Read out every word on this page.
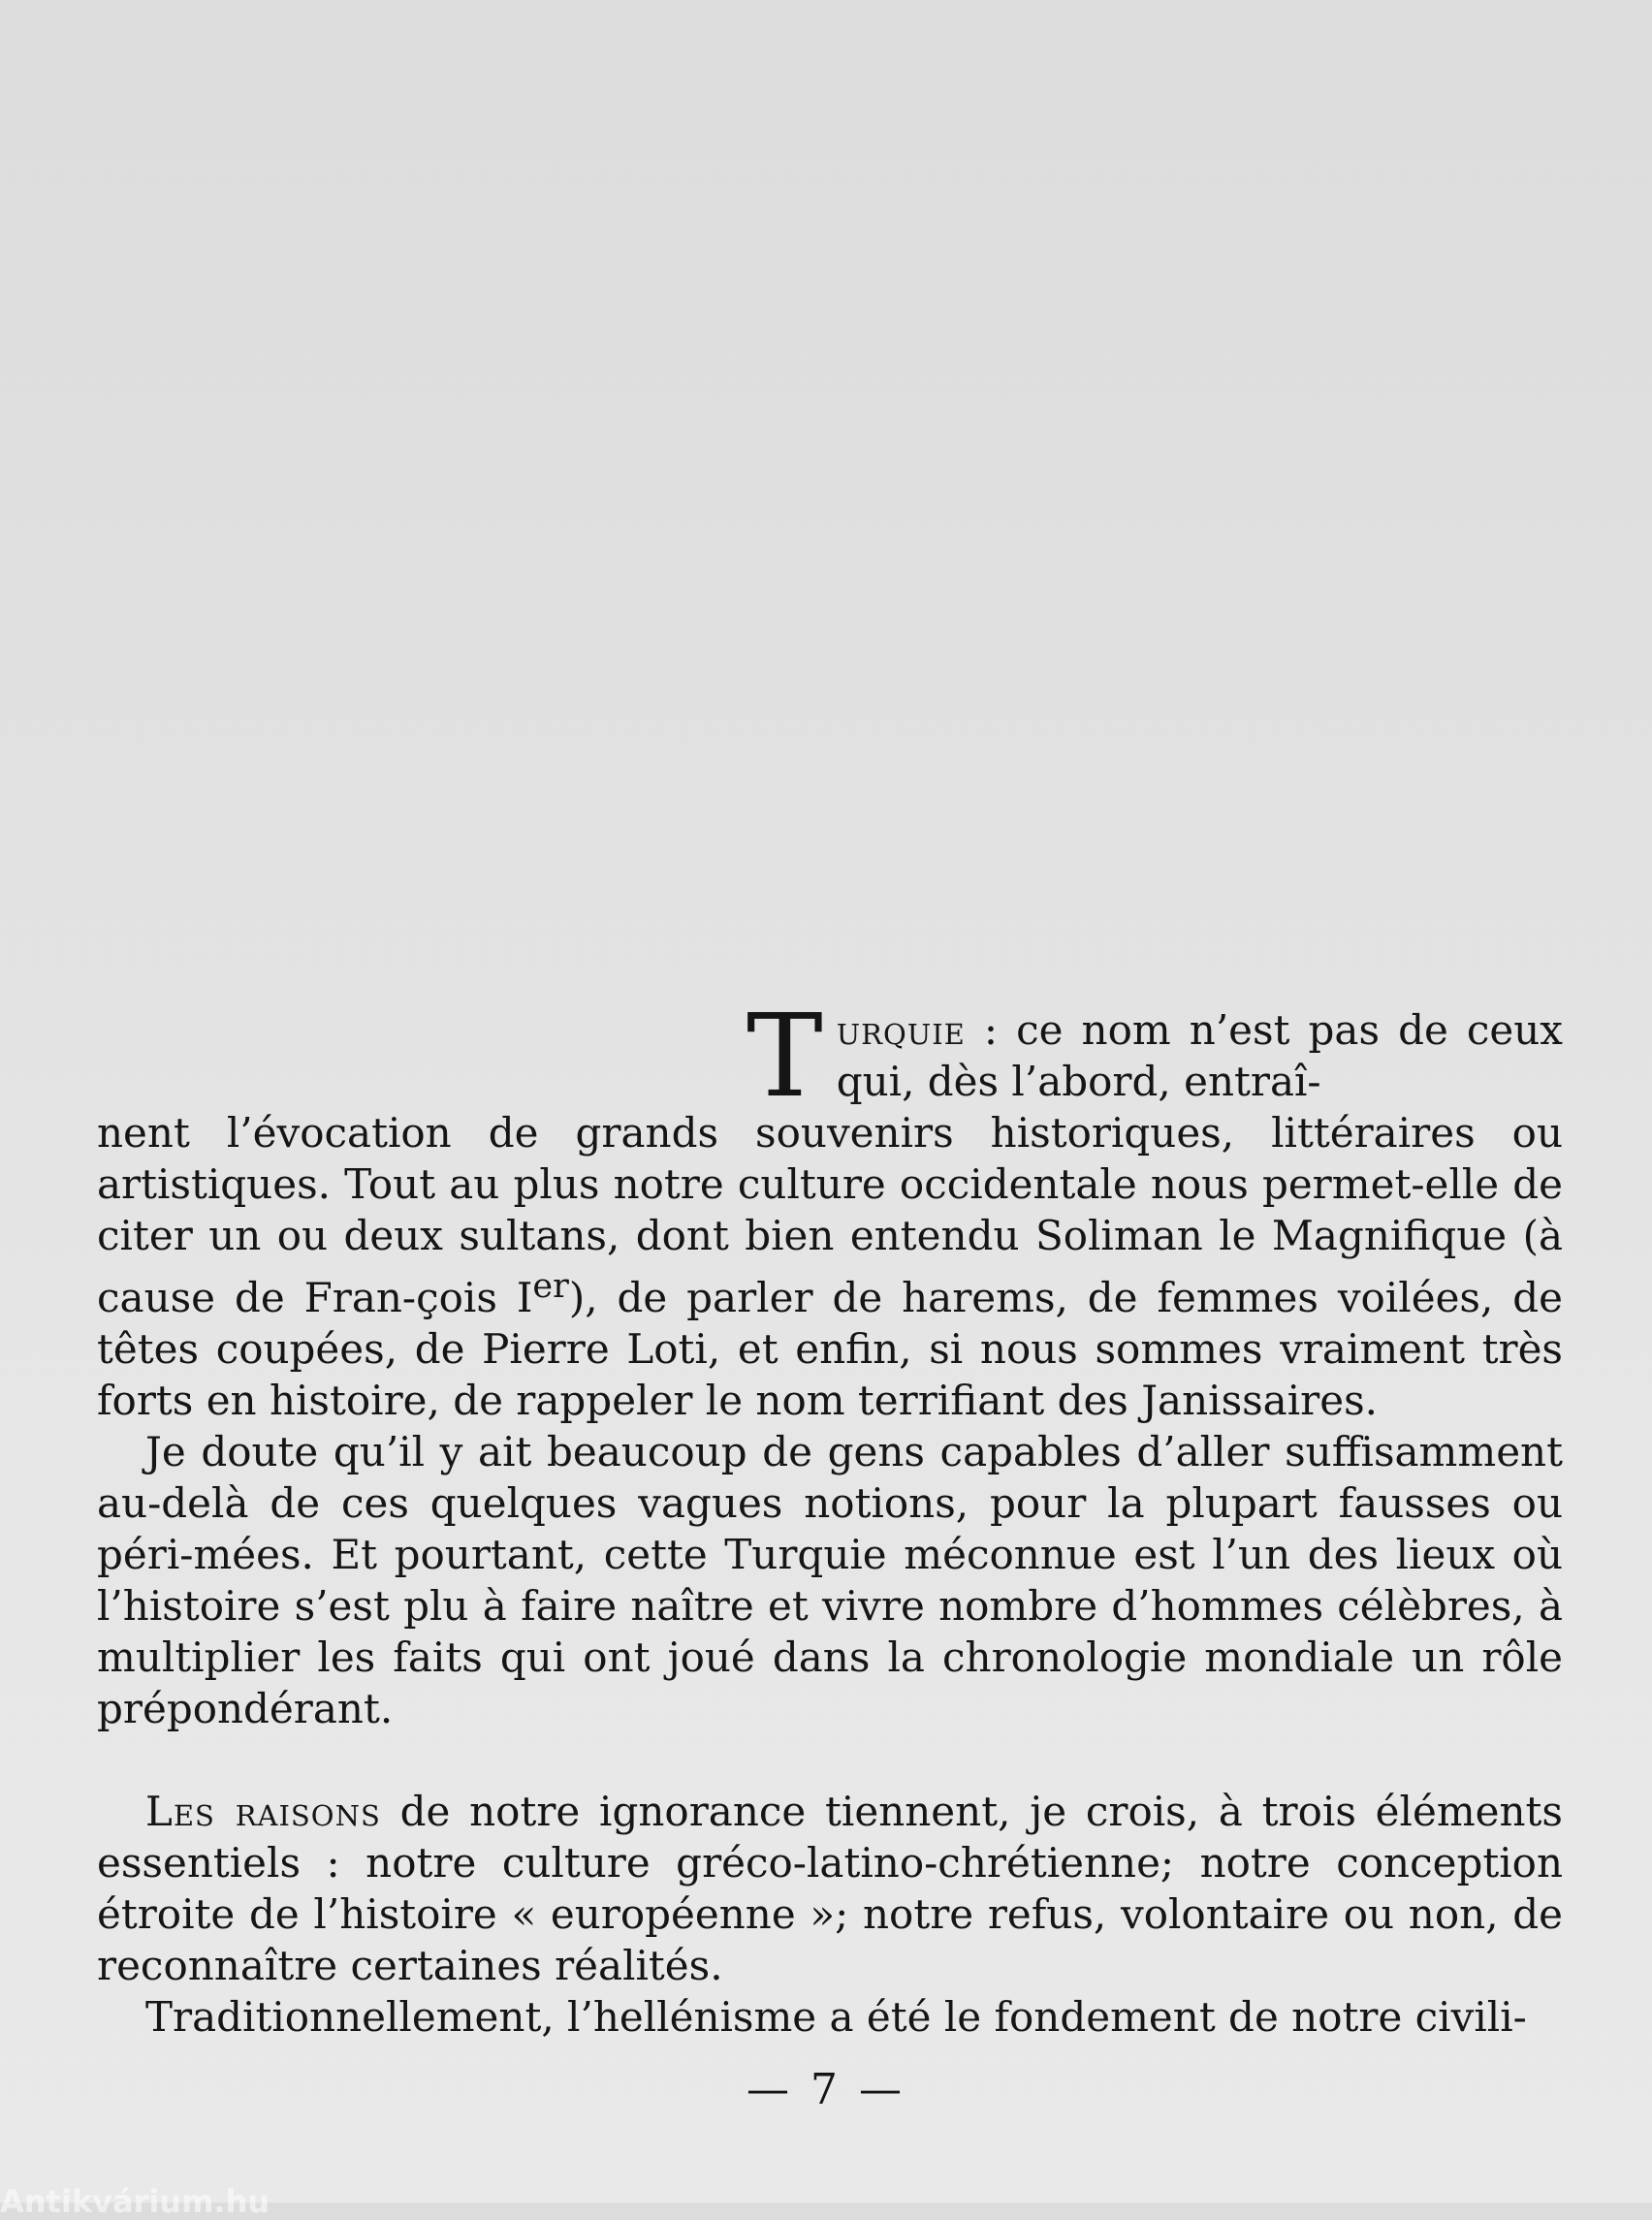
Turquie : ce nom n’est pas de ceux qui, dès l’abord, entraî-
nent l’évocation de grands souvenirs historiques, littéraires ou artistiques. Tout au plus notre culture occidentale nous permet-elle de citer un ou deux sultans, dont bien entendu Soliman le Magnifique (à cause de Fran-çois Ier), de parler de harems, de femmes voilées, de têtes coupées, de Pierre Loti, et enfin, si nous sommes vraiment très forts en histoire, de rappeler le nom terrifiant des Janissaires.

Je doute qu’il y ait beaucoup de gens capables d’aller suffisamment au-delà de ces quelques vagues notions, pour la plupart fausses ou péri-mées. Et pourtant, cette Turquie méconnue est l’un des lieux où l’histoire s’est plu à faire naître et vivre nombre d’hommes célèbres, à multiplier les faits qui ont joué dans la chronologie mondiale un rôle prépondérant.

Les raisons de notre ignorance tiennent, je crois, à trois éléments essentiels : notre culture gréco-latino-chrétienne; notre conception étroite de l’histoire « européenne »; notre refus, volontaire ou non, de reconnaître certaines réalités.

Traditionnellement, l’hellénisme a été le fondement de notre civili-

— 7 —
Antikvárium.hu
